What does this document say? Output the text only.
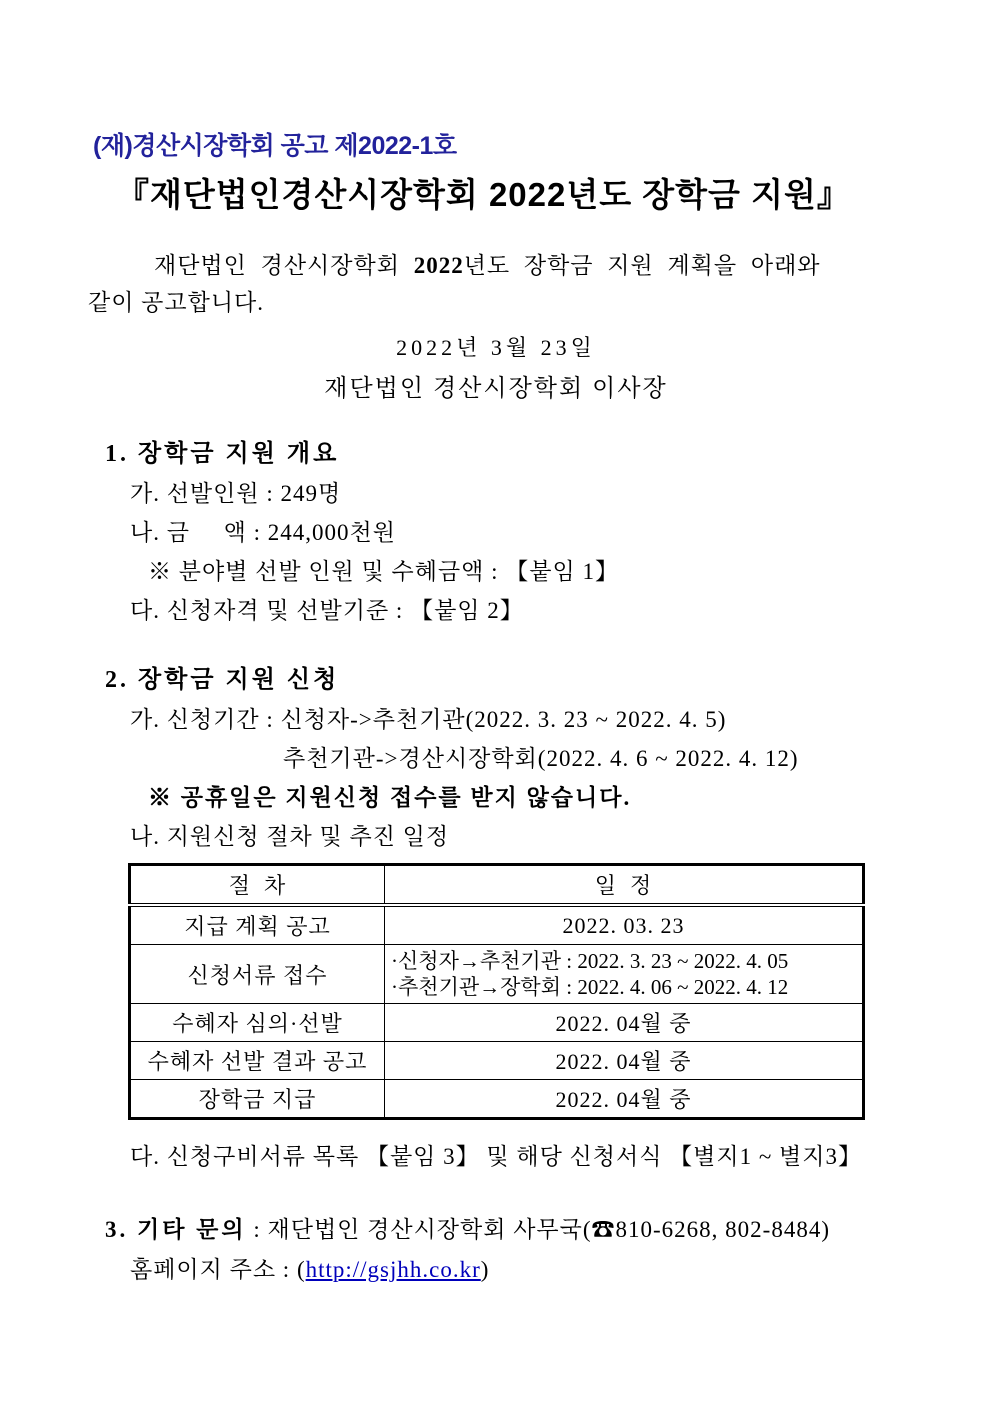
(재)경산시장학회 공고 제2022-1호
『재단법인경산시장학회 2022년도 장학금 지원』
재단법인 경산시장학회 2022년도 장학금 지원 계획을 아래와
같이 공고합니다.
2022년 3월 23일
재단법인 경산시장학회 이사장
1. 장학금 지원 개요
가. 선발인원 : 249명
나. 금     액 : 244,000천원
※ 분야별 선발 인원 및 수혜금액 : 【붙임 1】
다. 신청자격 및 선발기준 : 【붙임 2】
2. 장학금 지원 신청
가. 신청기간 : 신청자->추천기관(2022. 3. 23 ~ 2022. 4. 5)
추천기관->경산시장학회(2022. 4. 6 ~ 2022. 4. 12)
※ 공휴일은 지원신청 접수를 받지 않습니다.
나. 지원신청 절차 및 추진 일정
절  차	일  정
지급 계획 공고	2022. 03. 23
신청서류 접수	·신청자→추천기관 : 2022. 3. 23 ~ 2022. 4. 05
·추천기관→장학회 : 2022. 4. 06 ~ 2022. 4. 12

수혜자 심의·선발	2022. 04월 중
수혜자 선발 결과 공고	2022. 04월 중
장학금 지급	2022. 04월 중
다. 신청구비서류 목록 【붙임 3】 및 해당 신청서식 【별지1 ~ 별지3】
3. 기타 문의 : 재단법인 경산시장학회 사무국(☎810-6268, 802-8484)
홈페이지 주소 : (http://gsjhh.co.kr)
